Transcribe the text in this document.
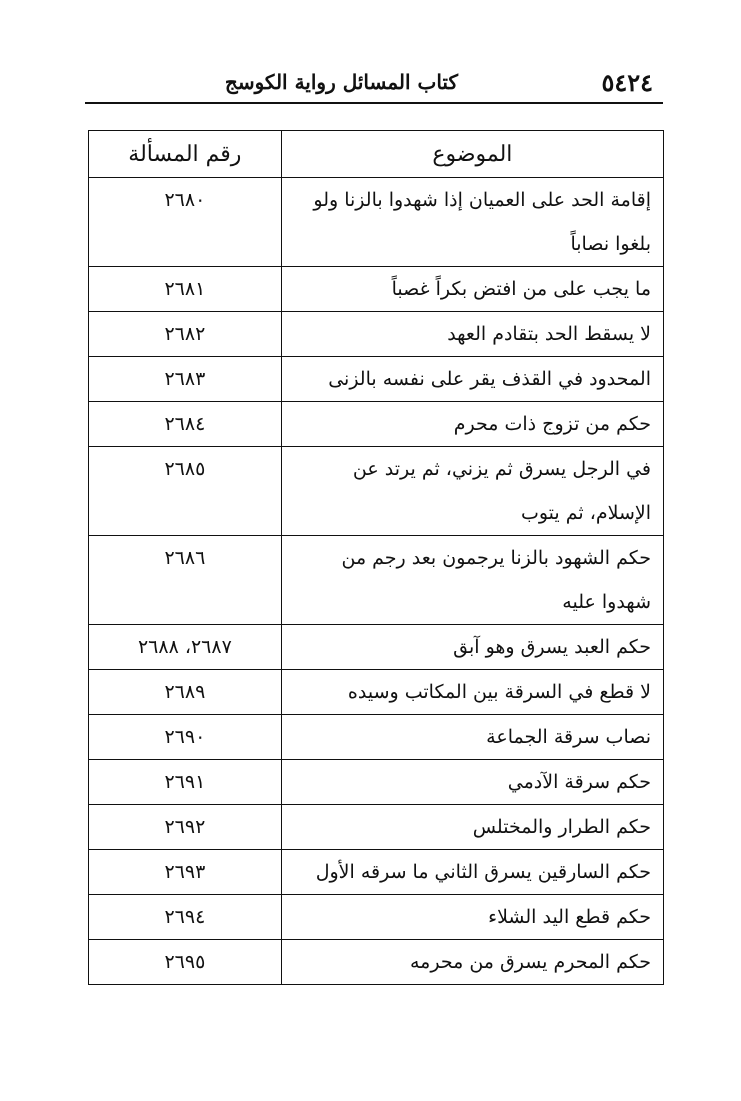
٥٤٢٤
كتاب المسائل رواية الكوسج
الموضوع	رقم المسألة
إقامة الحد على العميان إذا شهدوا بالزنا ولو بلغوا نصاباً	٢٦٨٠
ما يجب على من افتض بكراً غصباً	٢٦٨١
لا يسقط الحد بتقادم العهد	٢٦٨٢
المحدود في القذف يقر على نفسه بالزنى	٢٦٨٣
حكم من تزوج ذات محرم	٢٦٨٤
في الرجل يسرق ثم يزني، ثم يرتد عن الإسلام، ثم يتوب	٢٦٨٥
حكم الشهود بالزنا يرجمون بعد رجم من شهدوا عليه	٢٦٨٦
حكم العبد يسرق وهو آبق	٢٦٨٧، ٢٦٨٨
لا قطع في السرقة بين المكاتب وسيده	٢٦٨٩
نصاب سرقة الجماعة	٢٦٩٠
حكم سرقة الآدمي	٢٦٩١
حكم الطرار والمختلس	٢٦٩٢
حكم السارقين يسرق الثاني ما سرقه الأول	٢٦٩٣
حكم قطع اليد الشلاء	٢٦٩٤
حكم المحرم يسرق من محرمه	٢٦٩٥
